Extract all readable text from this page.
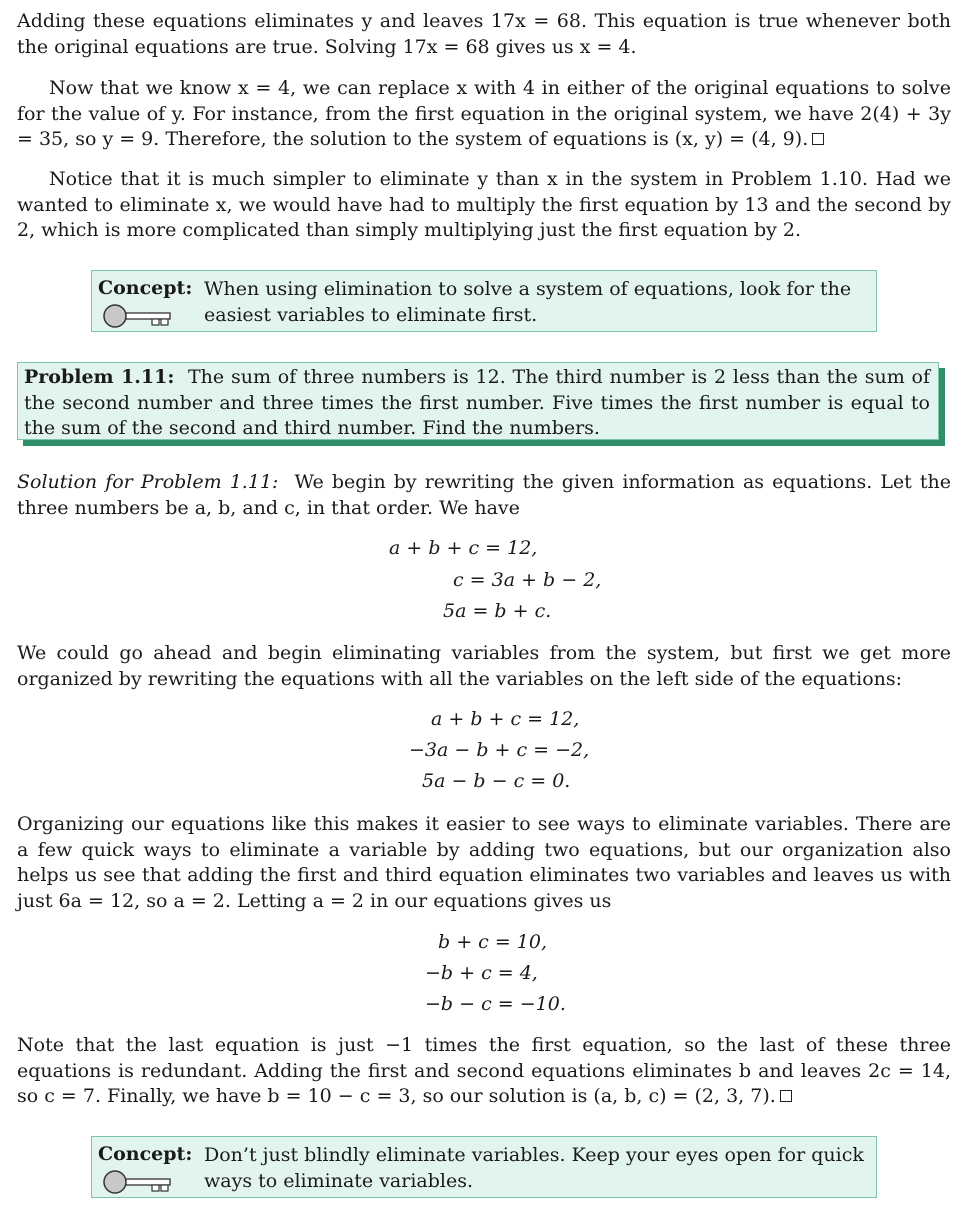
Adding these equations eliminates y and leaves 17x = 68. This equation is true whenever both the original equations are true. Solving 17x = 68 gives us x = 4.
Now that we know x = 4, we can replace x with 4 in either of the original equations to solve for the value of y. For instance, from the first equation in the original system, we have 2(4) + 3y = 35, so y = 9. Therefore, the solution to the system of equations is (x, y) = (4, 9).
Notice that it is much simpler to eliminate y than x in the system in Problem 1.10. Had we wanted to eliminate x, we would have had to multiply the first equation by 13 and the second by 2, which is more complicated than simply multiplying just the first equation by 2.
Concept: When using elimination to solve a system of equations, look for the easiest variables to eliminate first.
Problem 1.11: The sum of three numbers is 12. The third number is 2 less than the sum of the second number and three times the first number. Five times the first number is equal to the sum of the second and third number. Find the numbers.
Solution for Problem 1.11: We begin by rewriting the given information as equations. Let the three numbers be a, b, and c, in that order. We have
a + b + c = 12,
c = 3a + b − 2,
5a = b + c.
We could go ahead and begin eliminating variables from the system, but first we get more organized by rewriting the equations with all the variables on the left side of the equations:
a + b + c = 12,
−3a − b + c = −2,
5a − b − c = 0.
Organizing our equations like this makes it easier to see ways to eliminate variables. There are a few quick ways to eliminate a variable by adding two equations, but our organization also helps us see that adding the first and third equation eliminates two variables and leaves us with just 6a = 12, so a = 2. Letting a = 2 in our equations gives us
b + c = 10,
−b + c = 4,
−b − c = −10.
Note that the last equation is just −1 times the first equation, so the last of these three equations is redundant. Adding the first and second equations eliminates b and leaves 2c = 14, so c = 7. Finally, we have b = 10 − c = 3, so our solution is (a, b, c) = (2, 3, 7).
Concept: Don’t just blindly eliminate variables. Keep your eyes open for quick ways to eliminate variables.
